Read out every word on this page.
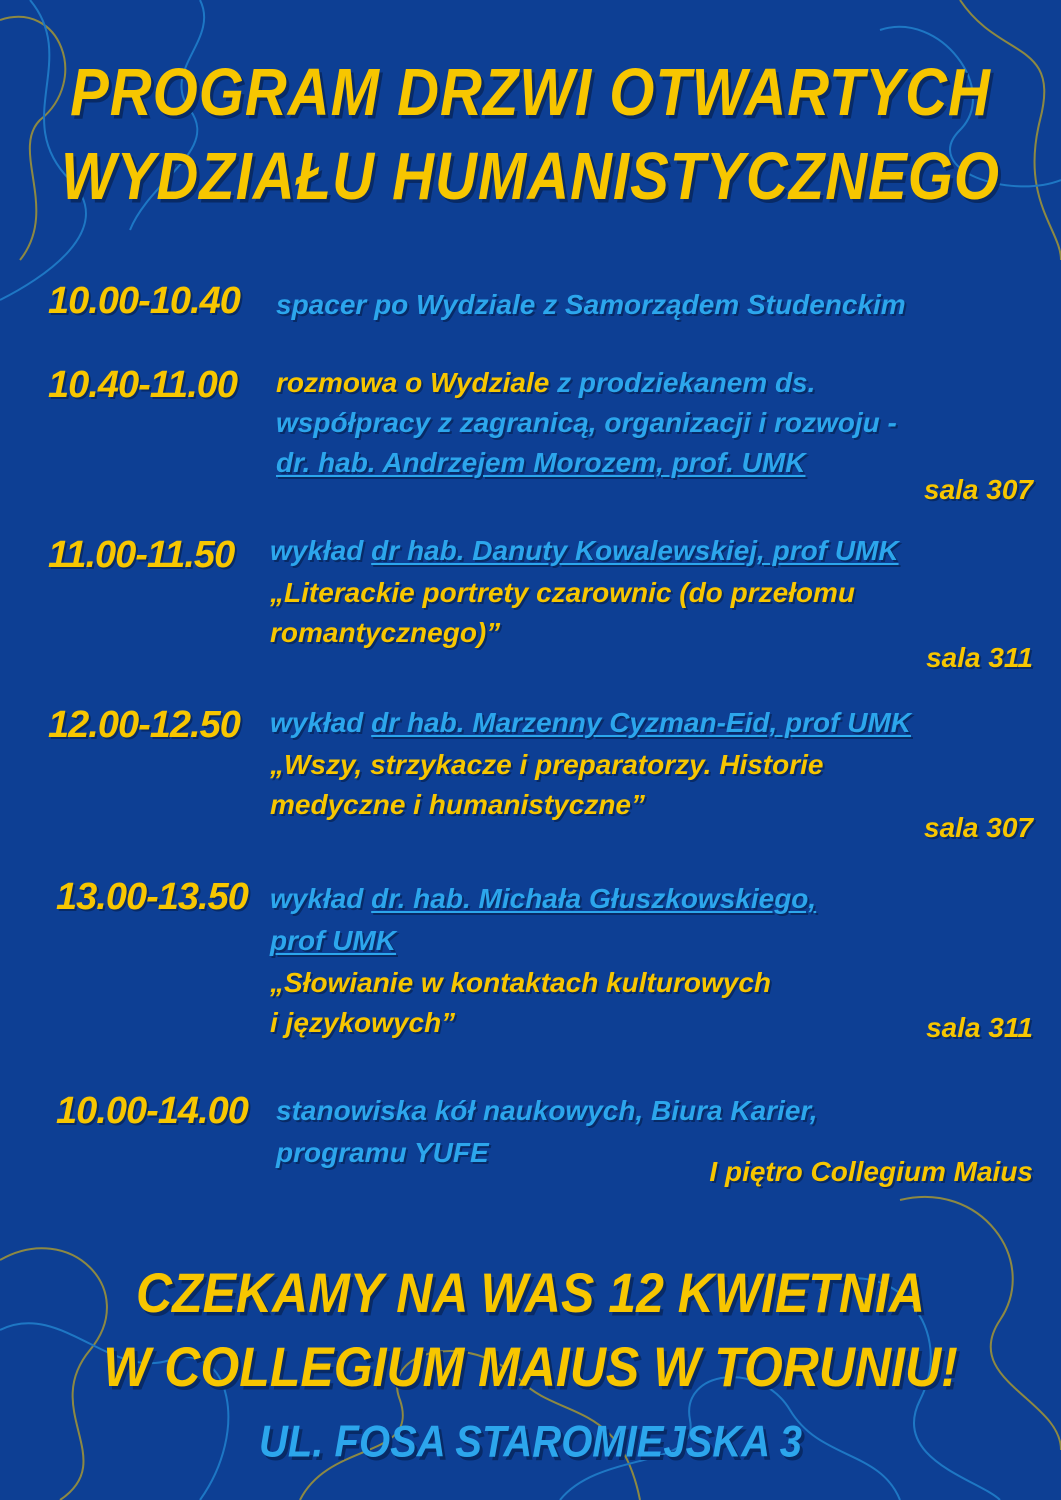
PROGRAM DRZWI OTWARTYCH
WYDZIAŁU HUMANISTYCZNEGO
10.00-10.40 spacer po Wydziale z Samorządem Studenckim
10.40-11.00 rozmowa o Wydziale z prodziekanem ds.
współpracy z zagranicą, organizacji i rozwoju -
dr. hab. Andrzejem Morozem, prof. UMK
sala 307
11.00-11.50 wykład dr hab. Danuty Kowalewskiej, prof UMK
„Literackie portrety czarownic (do przełomu
romantycznego)”
sala 311
12.00-12.50 wykład dr hab. Marzenny Cyzman-Eid, prof UMK
„Wszy, strzykacze i preparatorzy. Historie
medyczne i humanistyczne”
sala 307
13.00-13.50 wykład dr. hab. Michała Głuszkowskiego,
prof UMK
„Słowianie w kontaktach kulturowych
i językowych”	sala 311
10.00-14.00 stanowiska kół naukowych, Biura Karier,
programu YUFE
I piętro Collegium Maius
CZEKAMY NA WAS 12 KWIETNIA
W COLLEGIUM MAIUS W TORUNIU!
UL. FOSA STAROMIEJSKA 3
